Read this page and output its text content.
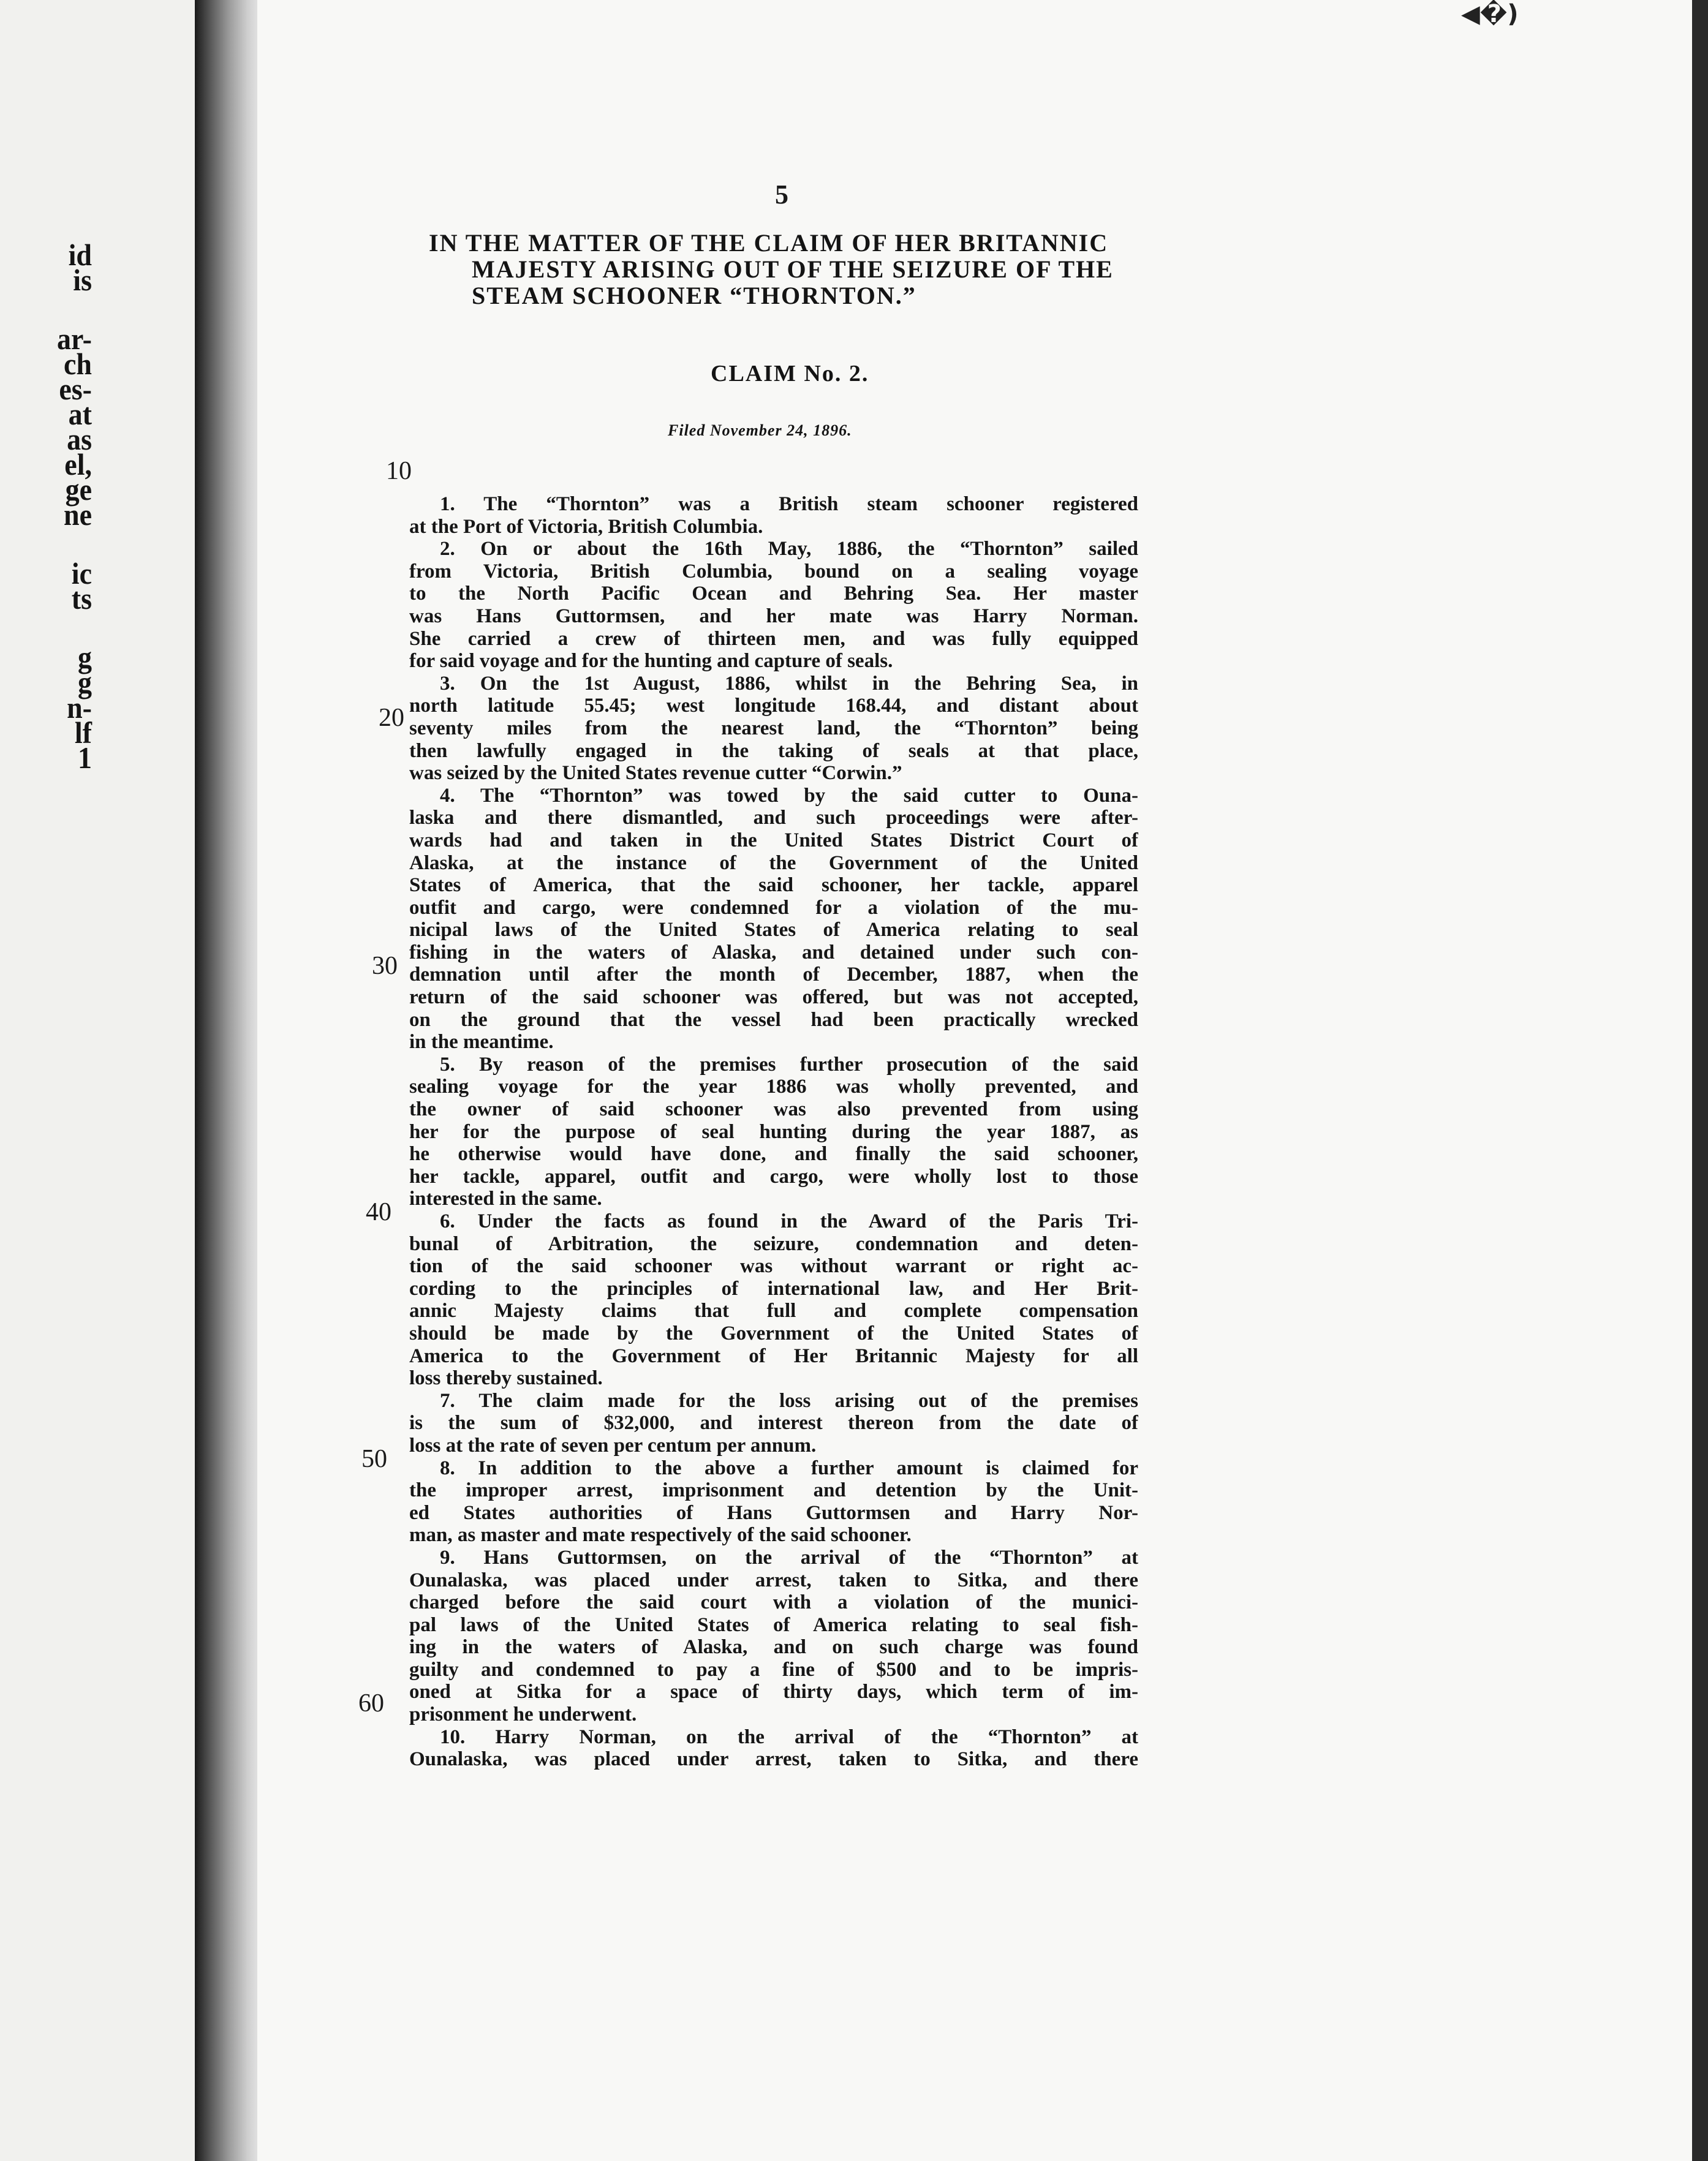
id
is
ar-
ch
es-
at
as
el,
ge
ne
ic
ts
g
g
n-
lf
1
◀�)
5
IN THE MATTER OF THE CLAIM OF HER BRITANNIC
MAJESTY ARISING OUT OF THE SEIZURE OF THE
STEAM SCHOONER “THORNTON.”
CLAIM No. 2.
Filed November 24, 1896.
10
20
30
40
50
60
1. The “Thornton” was a British steam schooner registered
at the Port of Victoria, British Columbia.
2. On or about the 16th May, 1886, the “Thornton” sailed
from Victoria, British Columbia, bound on a sealing voyage
to the North Pacific Ocean and Behring Sea. Her master
was Hans Guttormsen, and her mate was Harry Norman.
She carried a crew of thirteen men, and was fully equipped
for said voyage and for the hunting and capture of seals.
3. On the 1st August, 1886, whilst in the Behring Sea, in
north latitude 55.45; west longitude 168.44, and distant about
seventy miles from the nearest land, the “Thornton” being
then lawfully engaged in the taking of seals at that place,
was seized by the United States revenue cutter “Corwin.”
4. The “Thornton” was towed by the said cutter to Ouna-
laska and there dismantled, and such proceedings were after-
wards had and taken in the United States District Court of
Alaska, at the instance of the Government of the United
States of America, that the said schooner, her tackle, apparel
outfit and cargo, were condemned for a violation of the mu-
nicipal laws of the United States of America relating to seal
fishing in the waters of Alaska, and detained under such con-
demnation until after the month of December, 1887, when the
return of the said schooner was offered, but was not accepted,
on the ground that the vessel had been practically wrecked
in the meantime.
5. By reason of the premises further prosecution of the said
sealing voyage for the year 1886 was wholly prevented, and
the owner of said schooner was also prevented from using
her for the purpose of seal hunting during the year 1887, as
he otherwise would have done, and finally the said schooner,
her tackle, apparel, outfit and cargo, were wholly lost to those
interested in the same.
6. Under the facts as found in the Award of the Paris Tri-
bunal of Arbitration, the seizure, condemnation and deten-
tion of the said schooner was without warrant or right ac-
cording to the principles of international law, and Her Brit-
annic Majesty claims that full and complete compensation
should be made by the Government of the United States of
America to the Government of Her Britannic Majesty for all
loss thereby sustained.
7. The claim made for the loss arising out of the premises
is the sum of $32,000, and interest thereon from the date of
loss at the rate of seven per centum per annum.
8. In addition to the above a further amount is claimed for
the improper arrest, imprisonment and detention by the Unit-
ed States authorities of Hans Guttormsen and Harry Nor-
man, as master and mate respectively of the said schooner.
9. Hans Guttormsen, on the arrival of the “Thornton” at
Ounalaska, was placed under arrest, taken to Sitka, and there
charged before the said court with a violation of the munici-
pal laws of the United States of America relating to seal fish-
ing in the waters of Alaska, and on such charge was found
guilty and condemned to pay a fine of $500 and to be impris-
oned at Sitka for a space of thirty days, which term of im-
prisonment he underwent.
10. Harry Norman, on the arrival of the “Thornton” at
Ounalaska, was placed under arrest, taken to Sitka, and there
